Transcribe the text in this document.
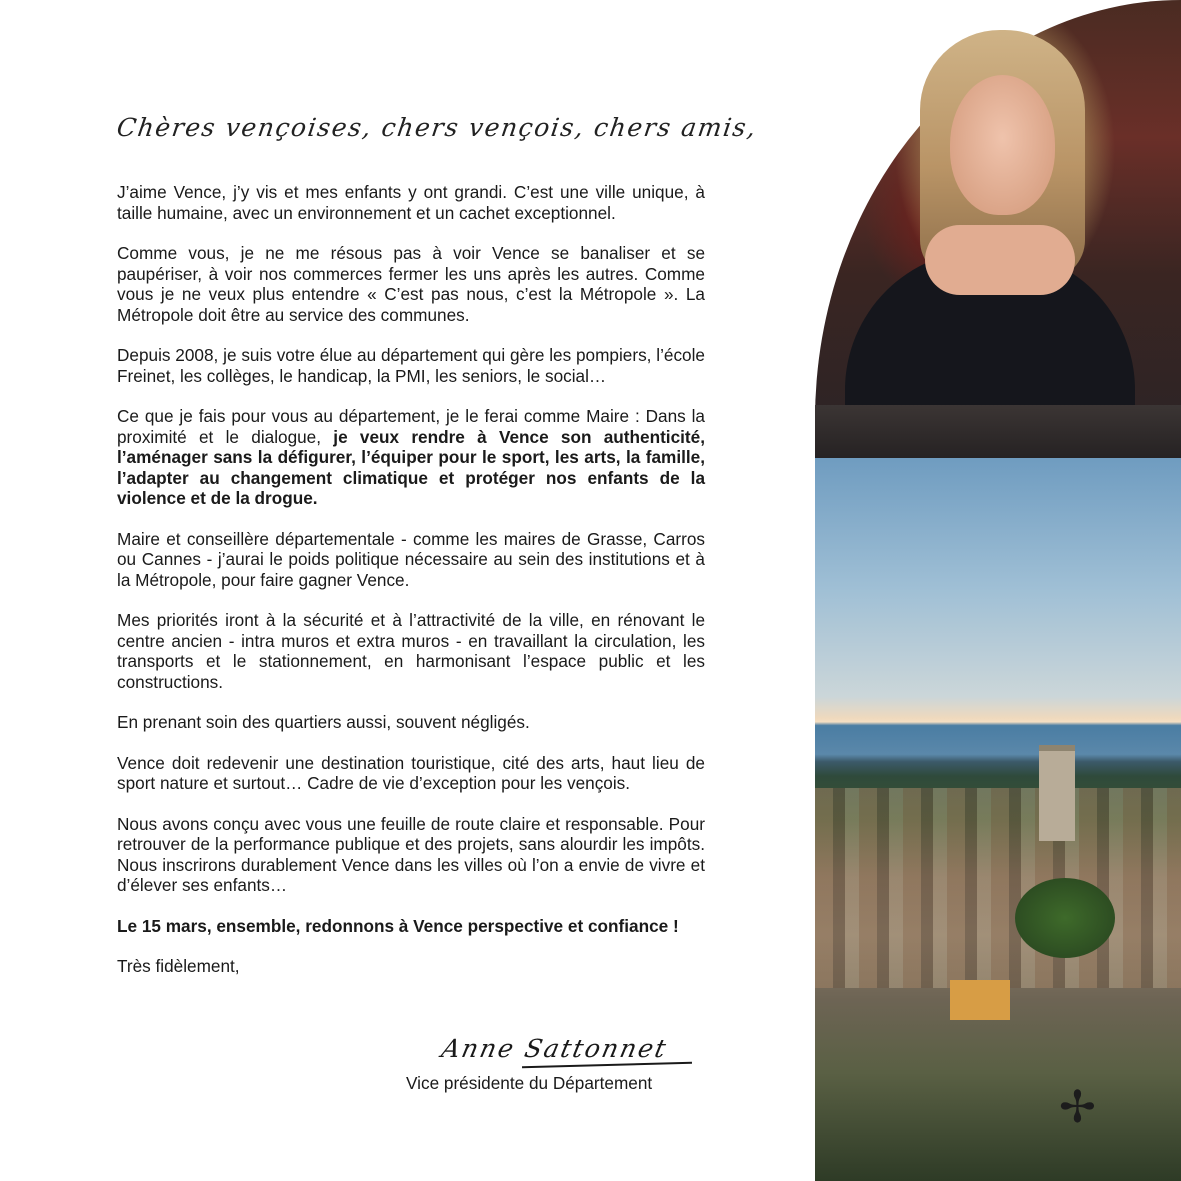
Chères vençoises, chers vençois, chers amis,

J’aime Vence, j’y vis et mes enfants y ont grandi. C’est une ville unique, à taille humaine, avec un environnement et un cachet exceptionnel.

Comme vous, je ne me résous pas à voir Vence se banaliser et se paupériser, à voir nos commerces fermer les uns après les autres. Comme vous je ne veux plus entendre « C’est pas nous, c’est la Métropole ». La Métropole doit être au service des communes.

Depuis 2008, je suis votre élue au département qui gère les pompiers, l’école Freinet, les collèges, le handicap, la PMI, les seniors, le social…

Ce que je fais pour vous au département, je le ferai comme Maire : Dans la proximité et le dialogue, je veux rendre à Vence son authenticité, l’aménager sans la défigurer, l’équiper pour le sport, les arts, la famille, l’adapter au changement climatique et protéger nos enfants de la violence et de la drogue.

Maire et conseillère départementale - comme les maires de Grasse, Carros ou Cannes - j’aurai le poids politique nécessaire au sein des institutions et à la Métropole, pour faire gagner Vence.

Mes priorités iront à la sécurité et à l’attractivité de la ville, en rénovant le centre ancien - intra muros et extra muros - en travaillant la circulation, les transports et le stationnement, en harmonisant l’espace public et les constructions.

En prenant soin des quartiers aussi, souvent négligés.

Vence doit redevenir une destination touristique, cité des arts, haut lieu de sport nature et surtout… Cadre de vie d’exception pour les vençois.

Nous avons conçu avec vous une feuille de route claire et responsable. Pour retrouver de la performance publique et des projets, sans alourdir les impôts. Nous inscrirons durablement Vence dans les villes où l’on a envie de vivre et d’élever ses enfants…

Le 15 mars, ensemble, redonnons à Vence perspective et confiance !

Très fidèlement,

Anne Sattonnet
Vice présidente du Département	✢
